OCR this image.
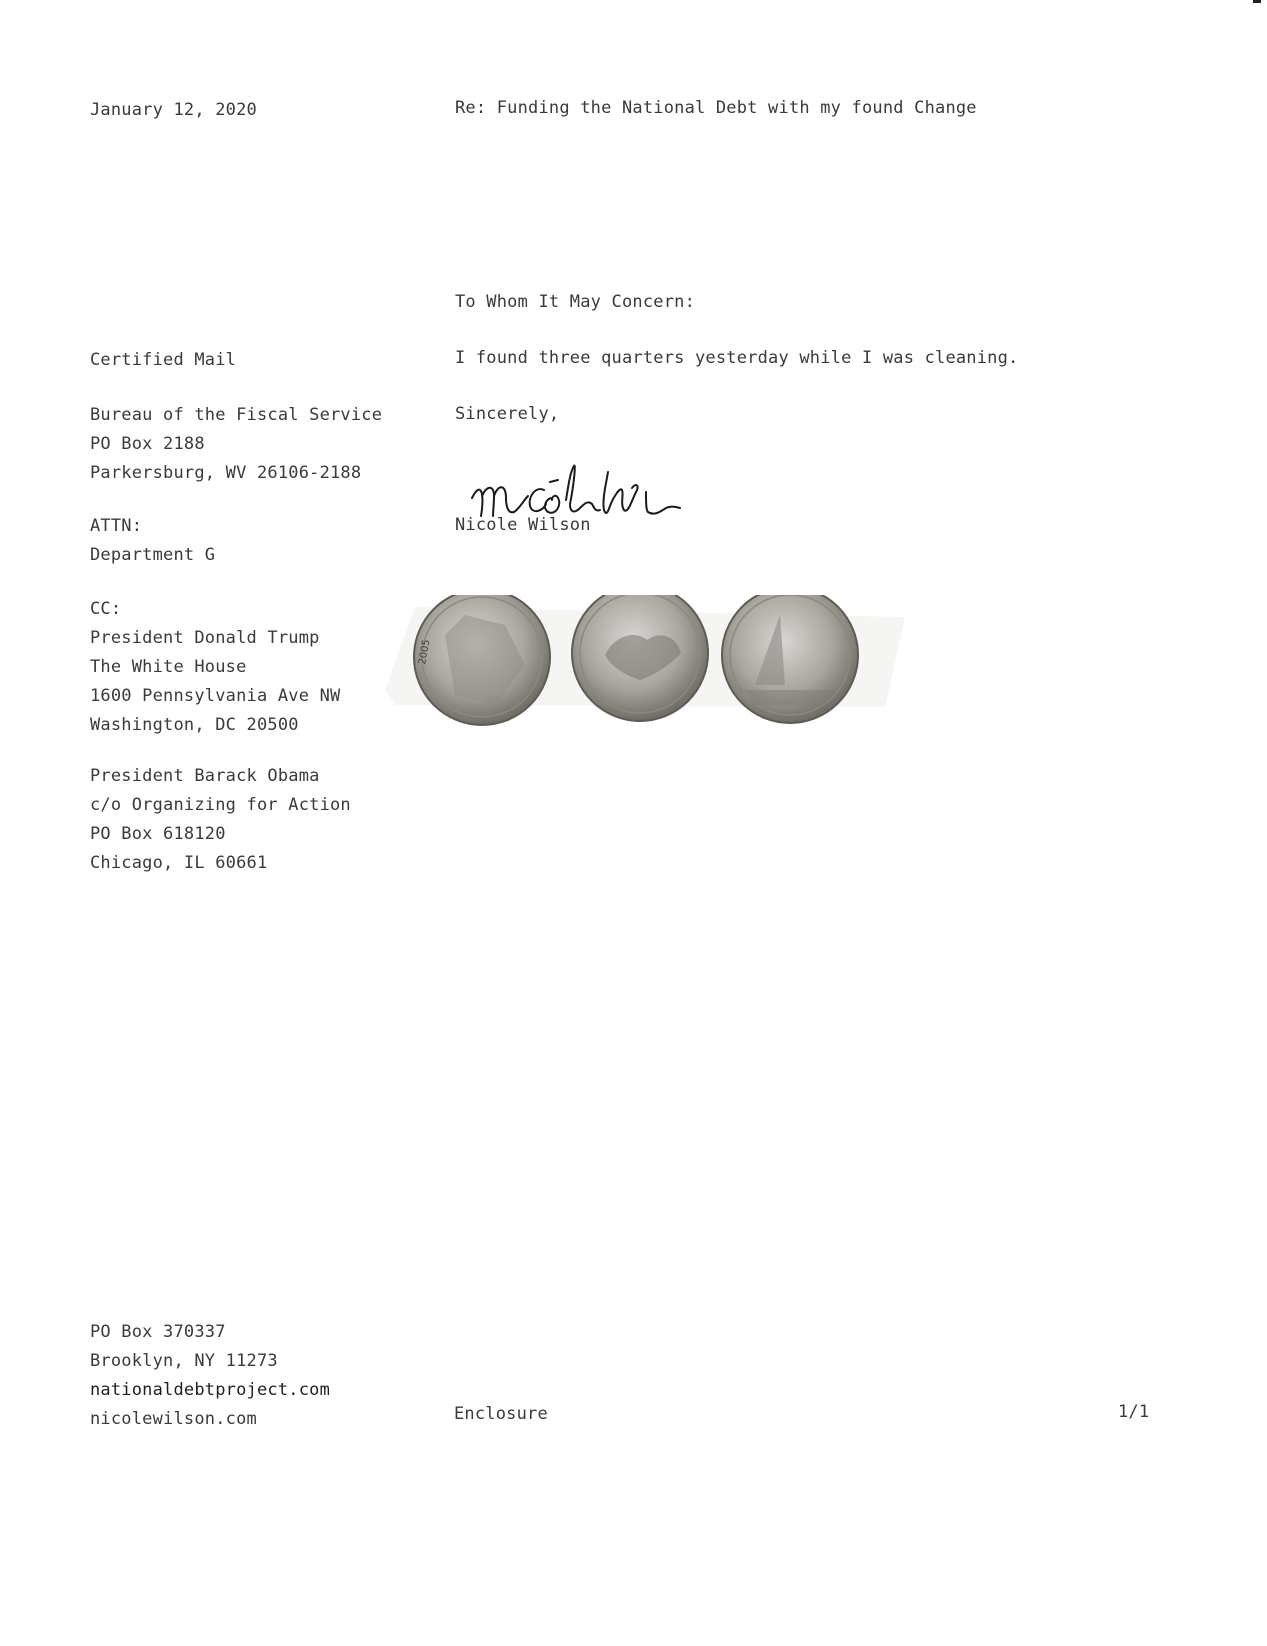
January 12, 2020	Re: Funding the National Debt with my found Change
To Whom It May Concern:
I found three quarters yesterday while I was cleaning.
Sincerely,
Nicole Wilson
Certified Mail
Bureau of the Fiscal Service
PO Box 2188
Parkersburg, WV 26106-2188
ATTN:
Department G
CC:
President Donald Trump
The White House
1600 Pennsylvania Ave NW
Washington, DC 20500
President Barack Obama
c/o Organizing for Action
PO Box 618120
Chicago, IL 60661
2005
PO Box 370337
Brooklyn, NY 11273
nationaldebtproject.com
nicolewilson.com	Enclosure	1/1
